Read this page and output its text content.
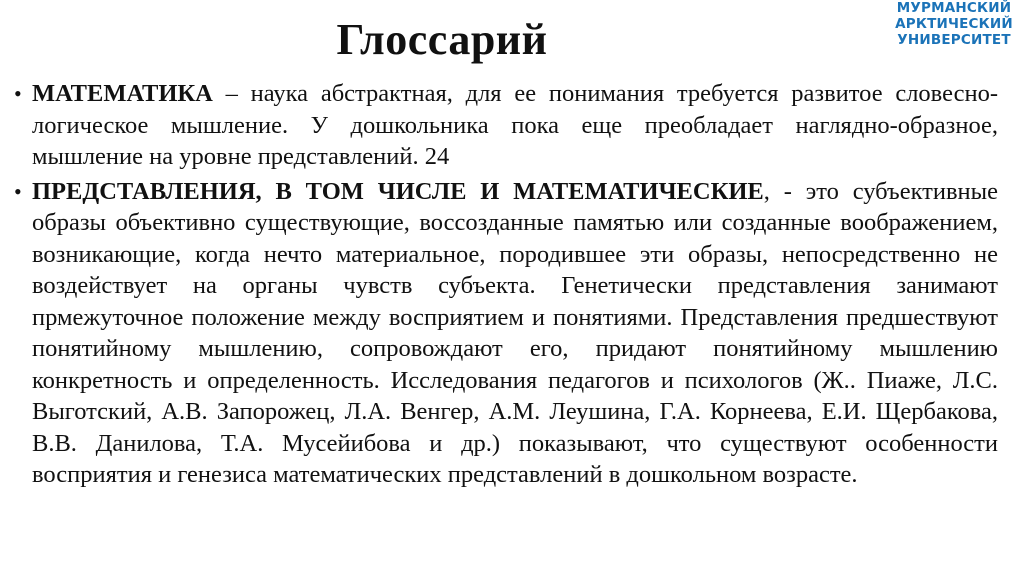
Глоссарий
МУРМАНСКИЙ
АРКТИЧЕСКИЙ
УНИВЕРСИТЕТ
• МАТЕМАТИКА – наука абстрактная, для ее понимания требуется развитое словесно-логическое мышление. У дошкольника пока еще преобладает наглядно-образное, мышление на уровне представлений. 24
• ПРЕДСТАВЛЕНИЯ, В ТОМ ЧИСЛЕ И МАТЕМАТИЧЕСКИЕ, - это субъективные образы объективно существующие, воссозданные памятью или созданные воображением, возникающие, когда нечто материальное, породившее эти образы, непосредственно не воздействует на органы чувств субъекта. Генетически представления занимают прмежуточное положение между восприятием и понятиями. Представления предшествуют понятийному мышлению, сопровождают его, придают понятийному мышлению конкретность и определенность. Исследования педагогов и психологов (Ж.. Пиаже, Л.С. Выготский, А.В. Запорожец, Л.А. Венгер, А.М. Леушина, Г.А. Корнеева, Е.И. Щербакова, В.В. Данилова, Т.А. Мусейибова и др.) показывают, что существуют особенности восприятия и генезиса математических представлений в дошкольном возрасте.
